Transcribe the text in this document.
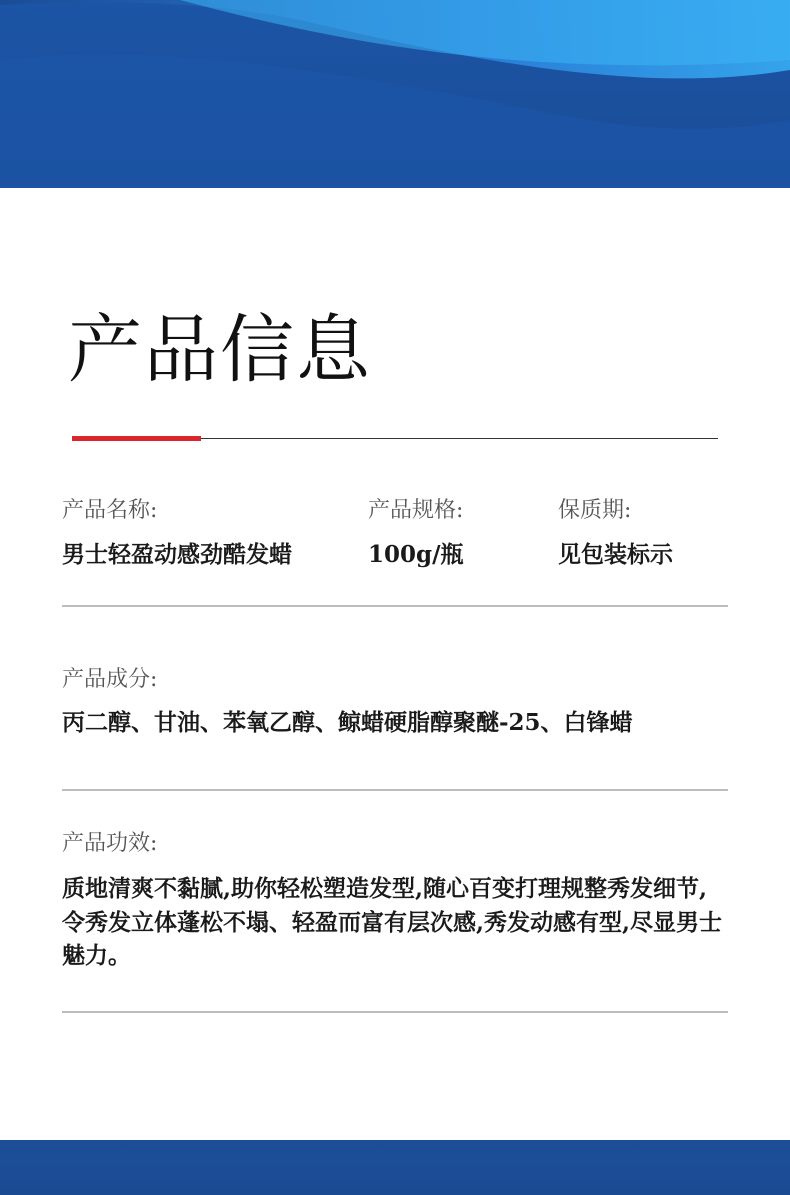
产品信息

产品名称:

男士轻盈动感劲酷发蜡

产品规格:

100g/瓶

保质期:

见包装标示

产品成分:

丙二醇、甘油、苯氧乙醇、鲸蜡硬脂醇聚醚-25、白锋蜡

产品功效:

质地清爽不黏腻,助你轻松塑造发型,随心百变打理规整秀发细节,令秀发立体蓬松不塌、轻盈而富有层次感,秀发动感有型,尽显男士魅力。
